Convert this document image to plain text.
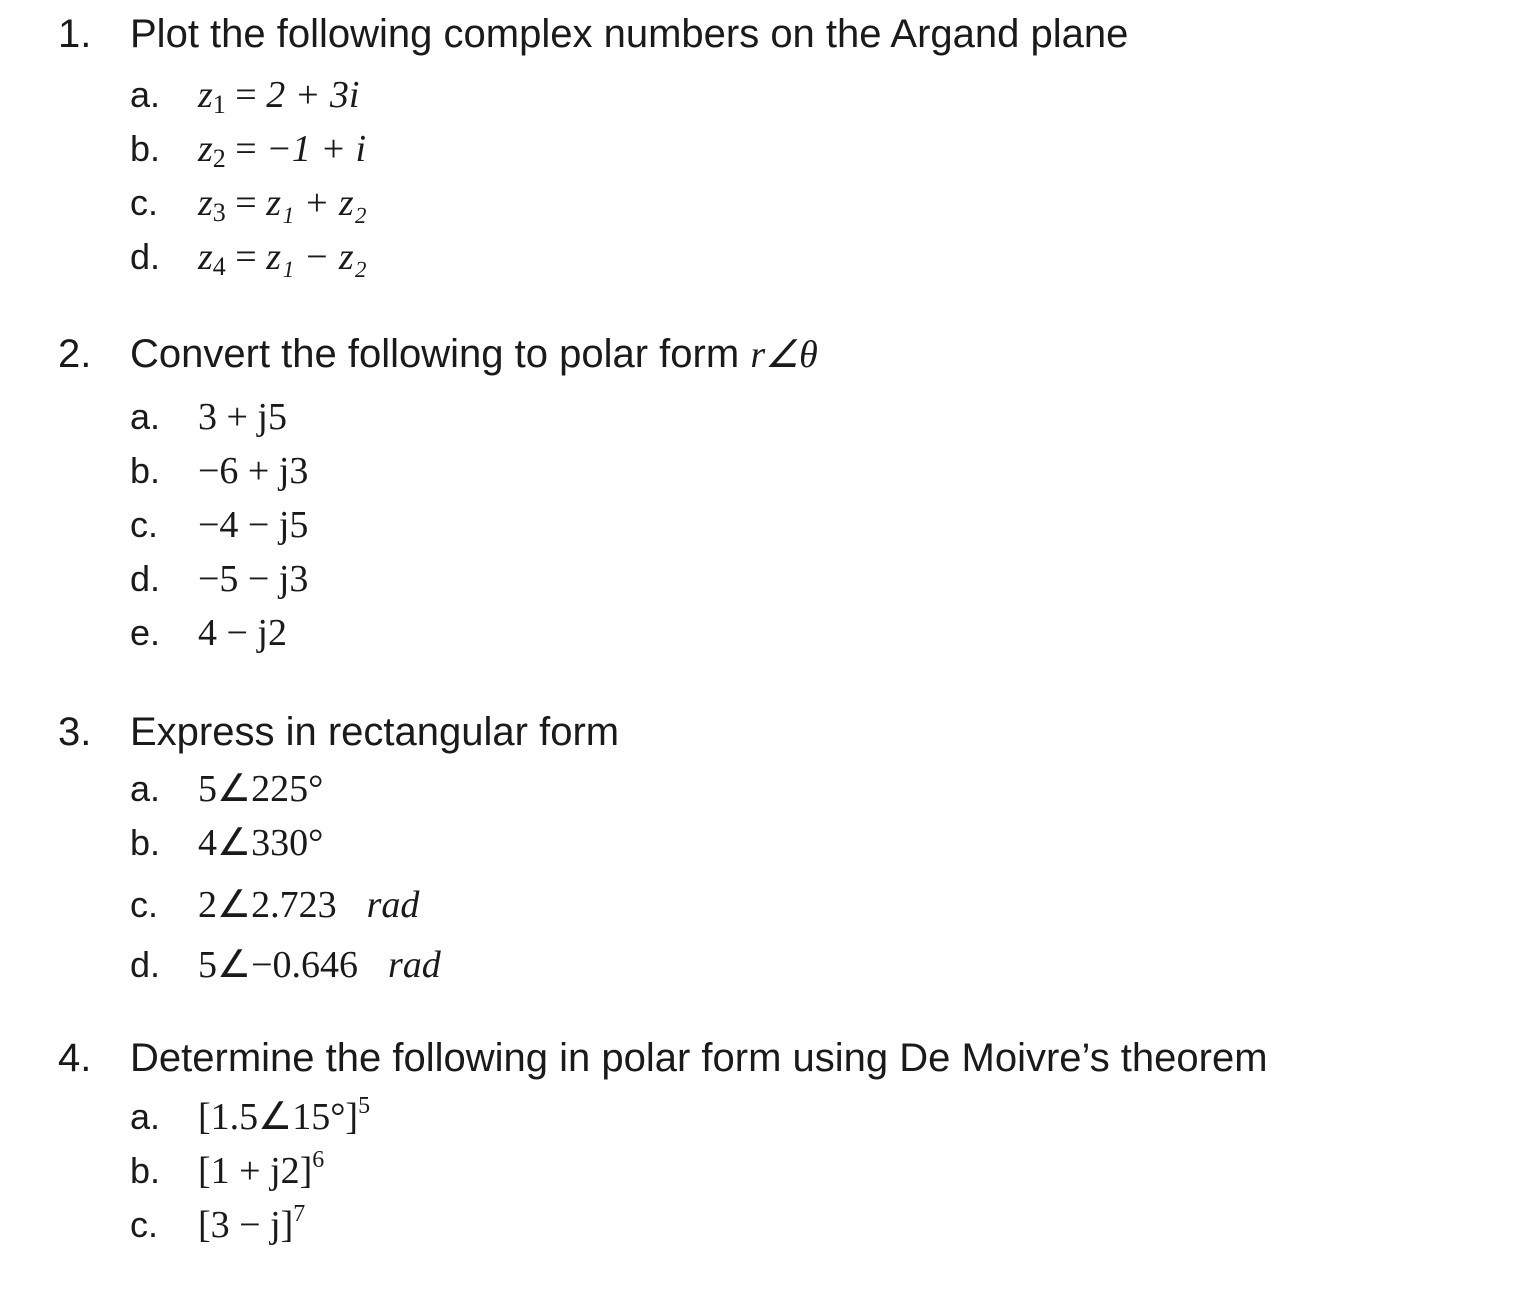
1. Plot the following complex numbers on the Argand plane
a. $z_1 = 2 + 3i$
b. $z_2 = -1 + i$
c. $z_3 = z_1 + z_2$
d. $z_4 = z_1 - z_2$
2. Convert the following to polar form r∠θ
a. 3 + j5
b. −6 + j3
c. −4 − j5
d. −5 − j3
e. 4 − j2
3. Express in rectangular form
a. 5∠225°
b. 4∠330°
c. 2∠2.723 rad
d. 5∠−0.646 rad
4. Determine the following in polar form using De Moivre’s theorem
a. [1.5∠15°]$^5$
b. $[1 + j2]^6$
c. $[3 - j]^7$
